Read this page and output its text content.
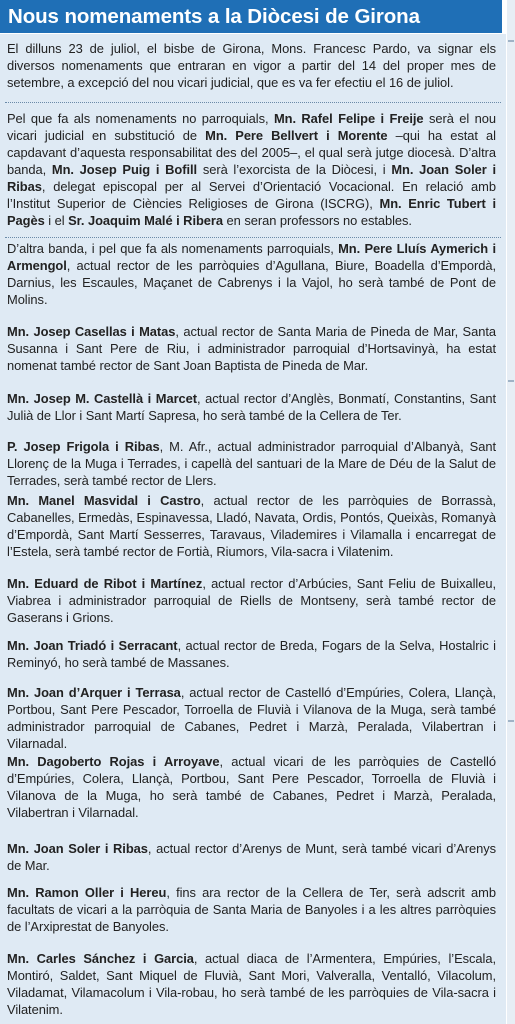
Nous nomenaments a la Diòcesi de Girona
El dilluns 23 de juliol, el bisbe de Girona, Mons. Francesc Pardo, va signar els diversos nomenaments que entraran en vigor a partir del 14 del proper mes de setembre, a excepció del nou vicari judicial, que es va fer efectiu el 16 de juliol.
Pel que fa als nomenaments no parroquials, Mn. Rafel Felipe i Freije serà el nou vicari judicial en substitució de Mn. Pere Bellvert i Morente –qui ha estat al capdavant d’aquesta responsabilitat des del 2005–, el qual serà jutge diocesà. D’altra banda, Mn. Josep Puig i Bofill serà l’exorcista de la Diòcesi, i Mn. Joan Soler i Ribas, delegat episcopal per al Servei d’Orientació Vocacional. En relació amb l’Institut Superior de Ciències Religioses de Girona (ISCRG), Mn. Enric Tubert i Pagès i el Sr. Joaquim Malé i Ribera en seran professors no estables.
D’altra banda, i pel que fa als nomenaments parroquials, Mn. Pere Lluís Aymerich i Armengol, actual rector de les parròquies d’Agullana, Biure, Boadella d’Empordà, Darnius, les Escaules, Maçanet de Cabrenys i la Vajol, ho serà també de Pont de Molins.
Mn. Josep Casellas i Matas, actual rector de Santa Maria de Pineda de Mar, Santa Susanna i Sant Pere de Riu, i administrador parroquial d’Hortsavinyà, ha estat nomenat també rector de Sant Joan Baptista de Pineda de Mar.
Mn. Josep M. Castellà i Marcet, actual rector d’Anglès, Bonmatí, Constantins, Sant Julià de Llor i Sant Martí Sapresa, ho serà també de la Cellera de Ter.
P. Josep Frigola i Ribas, M. Afr., actual administrador parroquial d’Albanyà, Sant Llorenç de la Muga i Terrades, i capellà del santuari de la Mare de Déu de la Salut de Terrades, serà també rector de Llers.
Mn. Manel Masvidal i Castro, actual rector de les parròquies de Borrassà, Cabanelles, Ermedàs, Espinavessa, Lladó, Navata, Ordis, Pontós, Queixàs, Romanyà d’Empordà, Sant Martí Sesserres, Taravaus, Vilademires i Vilamalla i encarregat de l’Estela, serà també rector de Fortià, Riumors, Vila-sacra i Vilatenim.
Mn. Eduard de Ribot i Martínez, actual rector d’Arbúcies, Sant Feliu de Buixalleu, Viabrea i administrador parroquial de Riells de Montseny, serà també rector de Gaserans i Grions.
Mn. Joan Triadó i Serracant, actual rector de Breda, Fogars de la Selva, Hostalric i Reminyó, ho serà també de Massanes.
Mn. Joan d’Arquer i Terrasa, actual rector de Castelló d’Empúries, Colera, Llançà, Portbou, Sant Pere Pescador, Torroella de Fluvià i Vilanova de la Muga, serà també administrador parroquial de Cabanes, Pedret i Marzà, Peralada, Vilabertran i Vilarnadal.
Mn. Dagoberto Rojas i Arroyave, actual vicari de les parròquies de Castelló d’Empúries, Colera, Llançà, Portbou, Sant Pere Pescador, Torroella de Fluvià i Vilanova de la Muga, ho serà també de Cabanes, Pedret i Marzà, Peralada, Vilabertran i Vilarnadal.
Mn. Joan Soler i Ribas, actual rector d’Arenys de Munt, serà també vicari d’Arenys de Mar.
Mn. Ramon Oller i Hereu, fins ara rector de la Cellera de Ter, serà adscrit amb facultats de vicari a la parròquia de Santa Maria de Banyoles i a les altres parròquies de l’Arxiprestat de Banyoles.
Mn. Carles Sánchez i Garcia, actual diaca de l’Armentera, Empúries, l’Escala, Montiró, Saldet, Sant Miquel de Fluvià, Sant Mori, Valveralla, Ventalló, Vilacolum, Viladamat, Vilamacolum i Vila-robau, ho serà també de les parròquies de Vila-sacra i Vilatenim.
